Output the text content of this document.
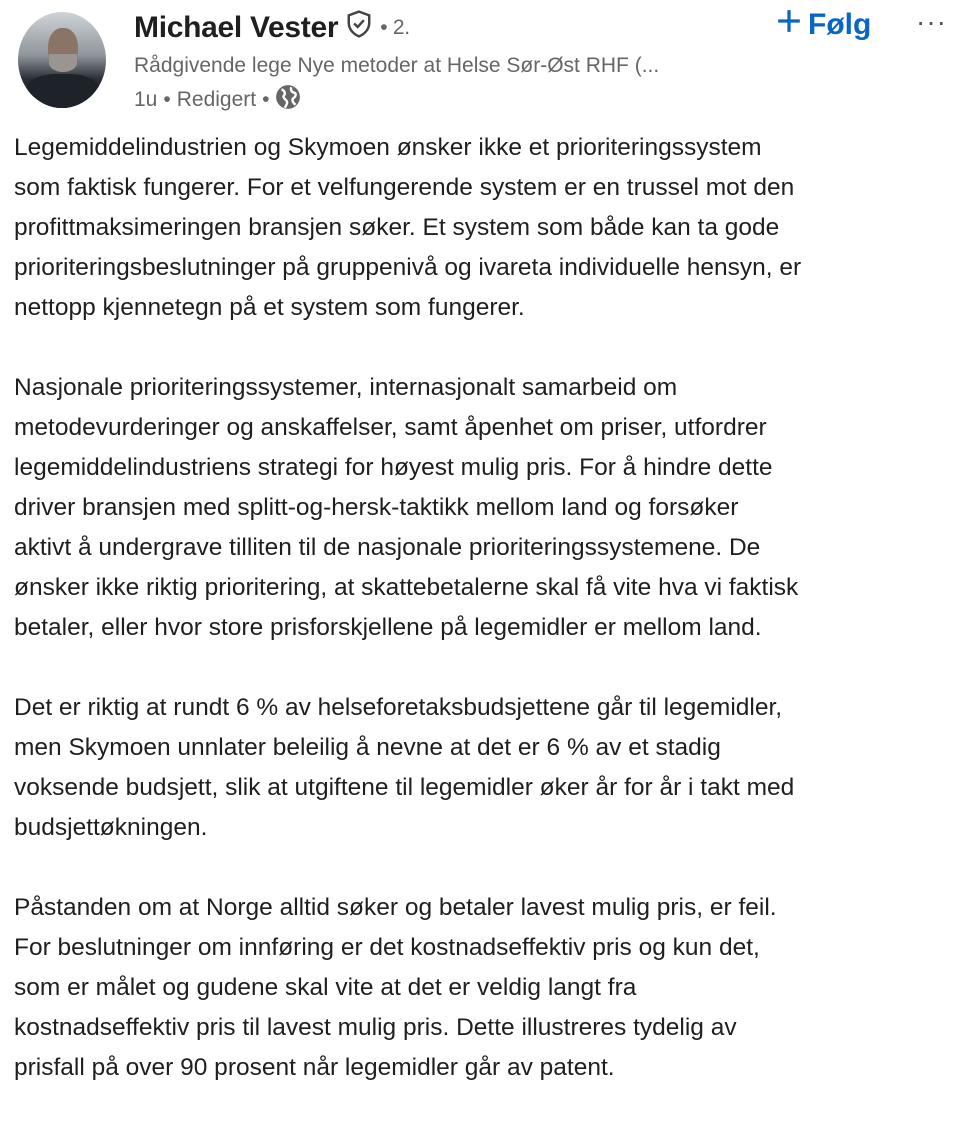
Michael Vester • 2.
Rådgivende lege Nye metoder at Helse Sør-Øst RHF (...
1u • Redigert •
Følg ···

Legemiddelindustrien og Skymoen ønsker ikke et prioriteringssystem
som faktisk fungerer. For et velfungerende system er en trussel mot den
profittmaksimeringen bransjen søker. Et system som både kan ta gode
prioriteringsbeslutninger på gruppenivå og ivareta individuelle hensyn, er
nettopp kjennetegn på et system som fungerer.

Nasjonale prioriteringssystemer, internasjonalt samarbeid om
metodevurderinger og anskaffelser, samt åpenhet om priser, utfordrer
legemiddelindustriens strategi for høyest mulig pris. For å hindre dette
driver bransjen med splitt-og-hersk-taktikk mellom land og forsøker
aktivt å undergrave tilliten til de nasjonale prioriteringssystemene. De
ønsker ikke riktig prioritering, at skattebetalerne skal få vite hva vi faktisk
betaler, eller hvor store prisforskjellene på legemidler er mellom land.

Det er riktig at rundt 6 % av helseforetaksbudsjettene går til legemidler,
men Skymoen unnlater beleilig å nevne at det er 6 % av et stadig
voksende budsjett, slik at utgiftene til legemidler øker år for år i takt med
budsjettøkningen.

Påstanden om at Norge alltid søker og betaler lavest mulig pris, er feil.
For beslutninger om innføring er det kostnadseffektiv pris og kun det,
som er målet og gudene skal vite at det er veldig langt fra
kostnadseffektiv pris til lavest mulig pris. Dette illustreres tydelig av
prisfall på over 90 prosent når legemidler går av patent.
